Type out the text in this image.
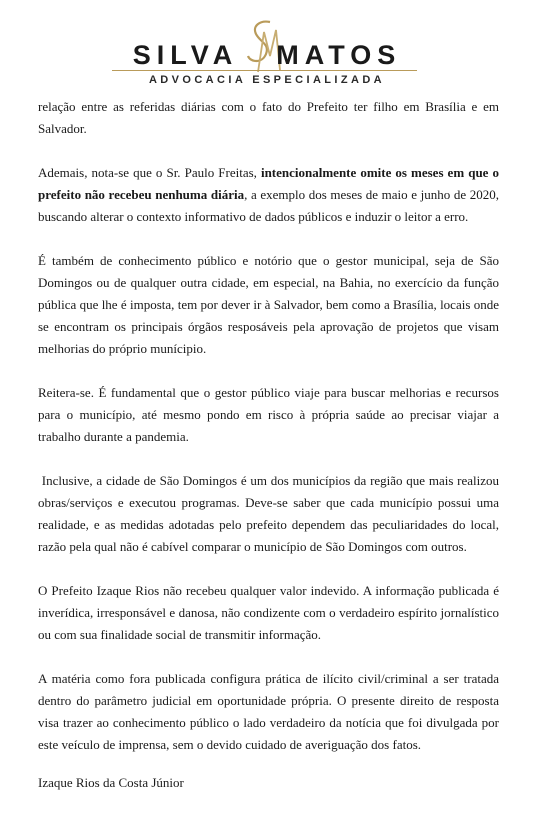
SILVA MATOS
ADVOCACIA ESPECIALIZADA

relação entre as referidas diárias com o fato do Prefeito ter filho em Brasília e em Salvador.

Ademais, nota-se que o Sr. Paulo Freitas, intencionalmente omite os meses em que o prefeito não recebeu nenhuma diária, a exemplo dos meses de maio e junho de 2020, buscando alterar o contexto informativo de dados públicos e induzir o leitor a erro.

É também de conhecimento público e notório que o gestor municipal, seja de São Domingos ou de qualquer outra cidade, em especial, na Bahia, no exercício da função pública que lhe é imposta, tem por dever ir à Salvador, bem como a Brasília, locais onde se encontram os principais órgãos resposáveis pela aprovação de projetos que visam melhorias do próprio munícipio.

Reitera-se. É fundamental que o gestor público viaje para buscar melhorias e recursos para o município, até mesmo pondo em risco à própria saúde ao precisar viajar a trabalho durante a pandemia.

Inclusive, a cidade de São Domingos é um dos municípios da região que mais realizou obras/serviços e executou programas. Deve-se saber que cada município possui uma realidade, e as medidas adotadas pelo prefeito dependem das peculiaridades do local, razão pela qual não é cabível comparar o município de São Domingos com outros.

O Prefeito Izaque Rios não recebeu qualquer valor indevido. A informação publicada é inverídica, irresponsável e danosa, não condizente com o verdadeiro espírito jornalístico ou com sua finalidade social de transmitir informação.

A matéria como fora publicada configura prática de ilícito civil/criminal a ser tratada dentro do parâmetro judicial em oportunidade própria. O presente direito de resposta visa trazer ao conhecimento público o lado verdadeiro da notícia que foi divulgada por este veículo de imprensa, sem o devido cuidado de averiguação dos fatos.

Izaque Rios da Costa Júnior
